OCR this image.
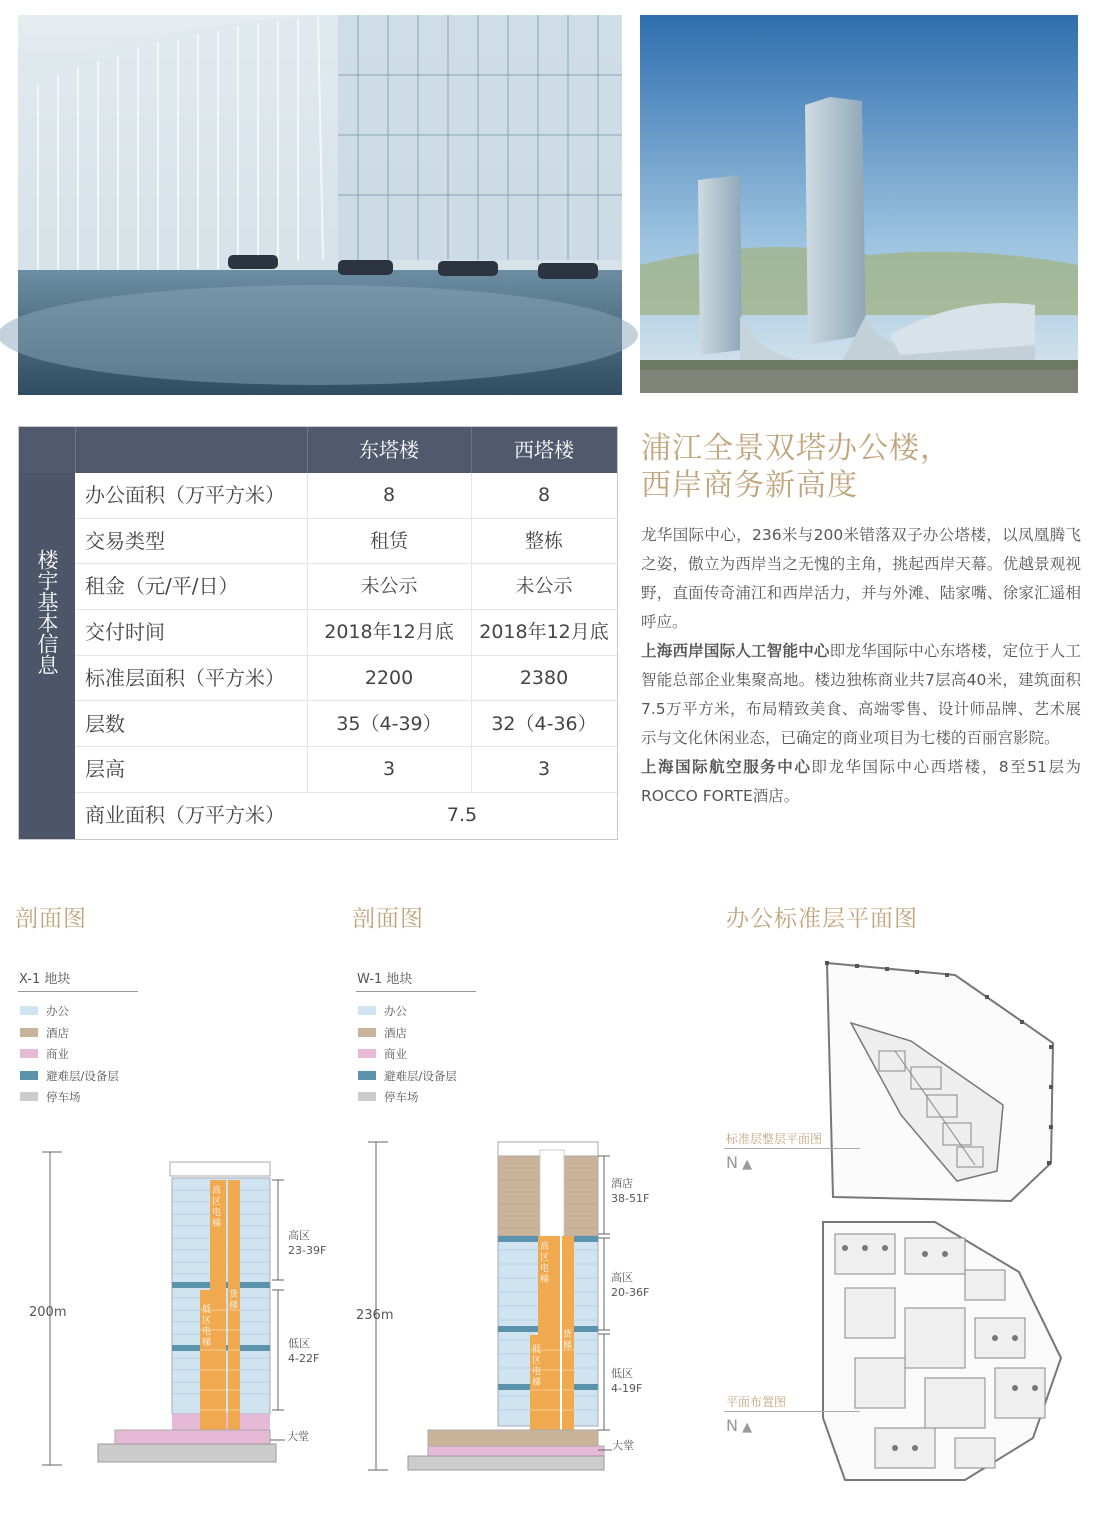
东塔楼	西塔楼
楼宇基本信息
商业面积（万平方米）	7.5
办公面积（万平方米）	8	8
交易类型	租赁	整栋
租金（元/平/日）	未公示	未公示
交付时间	2018年12月底	2018年12月底
标准层面积（平方米）	2200	2380
层数	35（4-39）	32（4-36）
层高	3	3
浦江全景双塔办公楼，
西岸商务新高度

龙华国际中心，236米与200米错落双子办公塔楼，以凤凰腾飞之姿，傲立为西岸当之无愧的主角，挑起西岸天幕。优越景观视野，直面传奇浦江和西岸活力，并与外滩、陆家嘴、徐家汇遥相呼应。

上海西岸国际人工智能中心即龙华国际中心东塔楼，定位于人工智能总部企业集聚高地。楼边独栋商业共7层高40米，建筑面积7.5万平方米，布局精致美食、高端零售、设计师品牌、艺术展示与文化休闲业态，已确定的商业项目为七楼的百丽宫影院。

上海国际航空服务中心即龙华国际中心西塔楼，8至51层为ROCCO FORTE酒店。

剖面图	剖面图	办公标准层平面图
X-1 地块	W-1 地块
200m
高区
23-39F
低区
4-22F
大堂
高区电梯
低区电梯
货梯
236m
酒店
38-51F
高区
20-36F
低区
4-19F
大堂
高区电梯
低区电梯
货梯
标准层整层平面图
N ▲
平面布置图
N ▲
办公
酒店
商业
避难层/设备层
停车场
办公
酒店
商业
避难层/设备层
停车场
